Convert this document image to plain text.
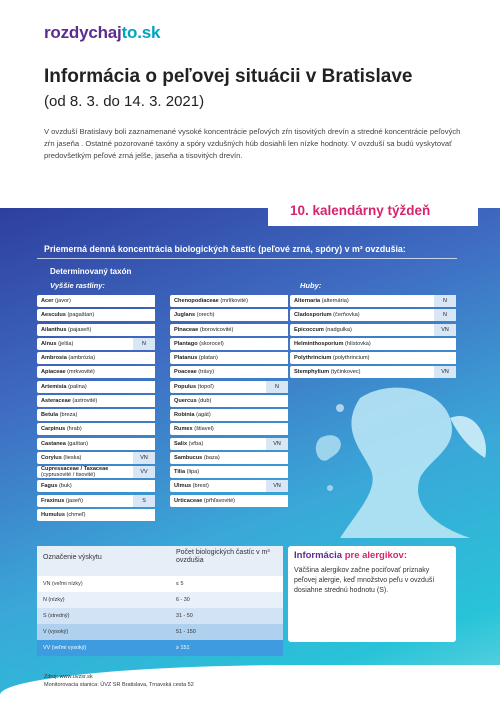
rozdychajto.sk
Informácia o peľovej situácii v Bratislave
(od 8. 3. do 14. 3. 2021)
V ovzduší Bratislavy boli zaznamenané vysoké koncentrácie peľových zŕn tisovitých drevín a stredné koncentrácie peľových zŕn jaseňa . Ostatné pozorované taxóny a spóry vzdušných húb dosiahli len nízke hodnoty. V ovzduší sa budú vyskytovať predovšetkým peľové zrná jelše, jaseňa a tisovitých drevín.
10. kalendárny týždeň
Priemerná denná koncentrácia biologických častíc (peľové zrná, spóry) v m³ ovzdušia:
Determinovaný taxón
Vyššie rastliny:	Huby:
Acer (javor)
Aesculus (pagaštan)
Ailanthus (pajaseň)
Alnus (jelša)	N
Ambrosia (ambrózia)
Apiaceae (mrkvovité)
Artemisia (palina)
Asteraceae (astrovité)
Betula (breza)
Carpinus (hrab)
Castanea (gaštan)
Corylus (lieska)	VN
Cupressaceae / Taxaceae
(cyprusovité / tisovité)	VV
Fagus (buk)
Fraxinus (jaseň)	S
Humulus (chmeľ)
Chenopodiaceae (mrlíkovité)
Juglans (orech)
Pinaceae (borovicovité)
Plantago (skorocel)
Platanus (platan)
Poaceae (trávy)
Populus (topoľ)	N
Quercus (dub)
Robinia (agát)
Rumex (štiavel)
Salix (vŕba)	VN
Sambucus (baza)
Tilia (lipa)
Ulmus (brest)	VN
Urticaceae (pŕhľavovité)
Alternaria (alternária)	N
Cladosporium (čerňovka)	N
Epicoccum (nadgulka)	VN
Helminthosporium (hlístovka)
Polythrincium (polythrincium)
Stemphylium (tyčinkovec)	VN
Označenie výskytu
Počet biologických častíc v m³ ovzdušia
VN (veľmi nízky)	≤ 5
N (nízky)	6 - 30
S (stredný)	31 - 50
V (vysoký)	51 - 150
VV (veľmi vysoký)	≥ 151
Informácia pre alergikov:
Väčšina alergikov začne pociťovať príznaky peľovej alergie, keď množstvo peľu v ovzduší dosiahne strednú hodnotu (S).
Zdroj: www.uvzsr.sk
Monitorovacia stanica: ÚVZ SR Bratislava, Trnavská cesta 52
